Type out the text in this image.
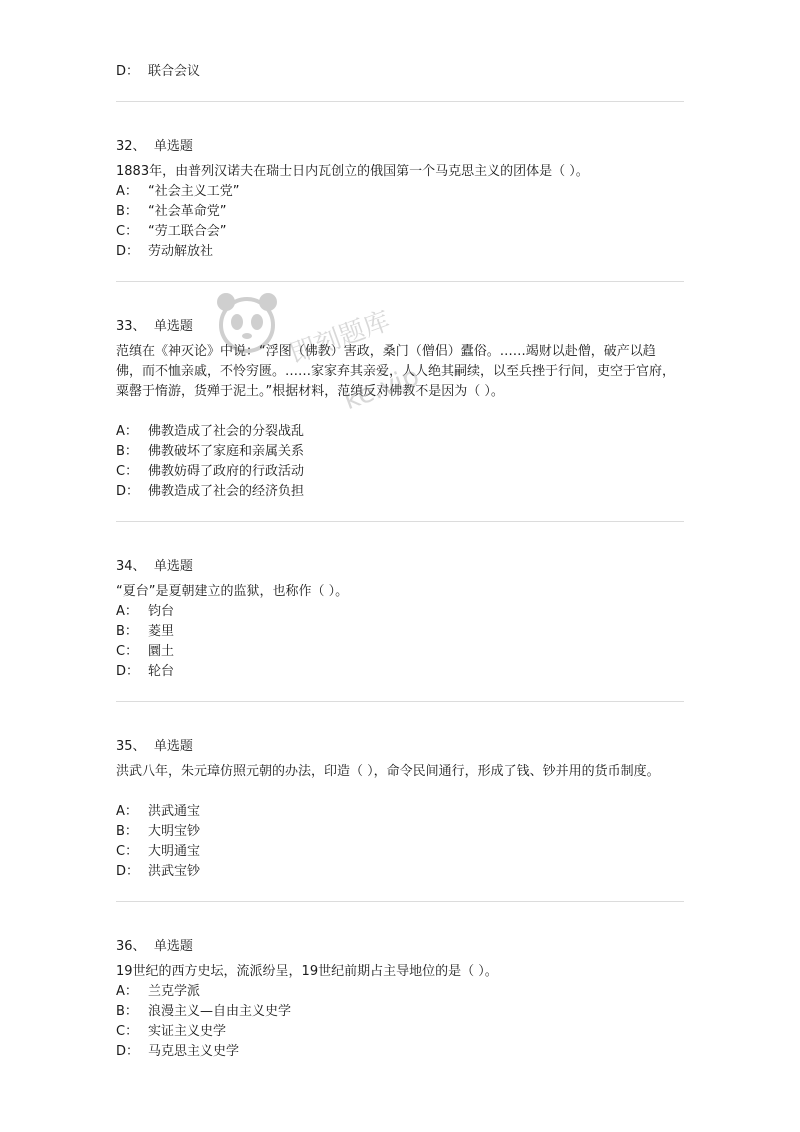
D： 联合会议
32、 单选题
1883年，由普列汉诺夫在瑞士日内瓦创立的俄国第一个马克思主义的团体是（ ）。
A： “社会主义工党”
B： “社会革命党”
C： “劳工联合会”
D： 劳动解放社
33、 单选题
范缜在《神灭论》中说：“浮图（佛教）害政，桑门（僧侣）蠹俗。……竭财以赴僧，破产以趋佛，而不恤亲戚，不怜穷匮。……家家弃其亲爱，人人绝其嗣续，以至兵挫于行间，吏空于官府，粟罄于惰游，货殚于泥土。”根据材料，范缜反对佛教不是因为（ ）。
A： 佛教造成了社会的分裂战乱
B： 佛教破坏了家庭和亲属关系
C： 佛教妨碍了政府的行政活动
D： 佛教造成了社会的经济负担
34、 单选题
“夏台”是夏朝建立的监狱，也称作（ ）。
A： 钧台
B： 菱里
C： 圜土
D： 轮台
35、 单选题
洪武八年，朱元璋仿照元朝的办法，印造（ ），命令民间通行，形成了钱、钞并用的货币制度。
A： 洪武通宝
B： 大明宝钞
C： 大明通宝
D： 洪武宝钞
36、 单选题
19世纪的西方史坛，流派纷呈，19世纪前期占主导地位的是（ ）。
A： 兰克学派
B： 浪漫主义—自由主义史学
C： 实证主义史学
D： 马克思主义史学
即刻题库
ke.vip
